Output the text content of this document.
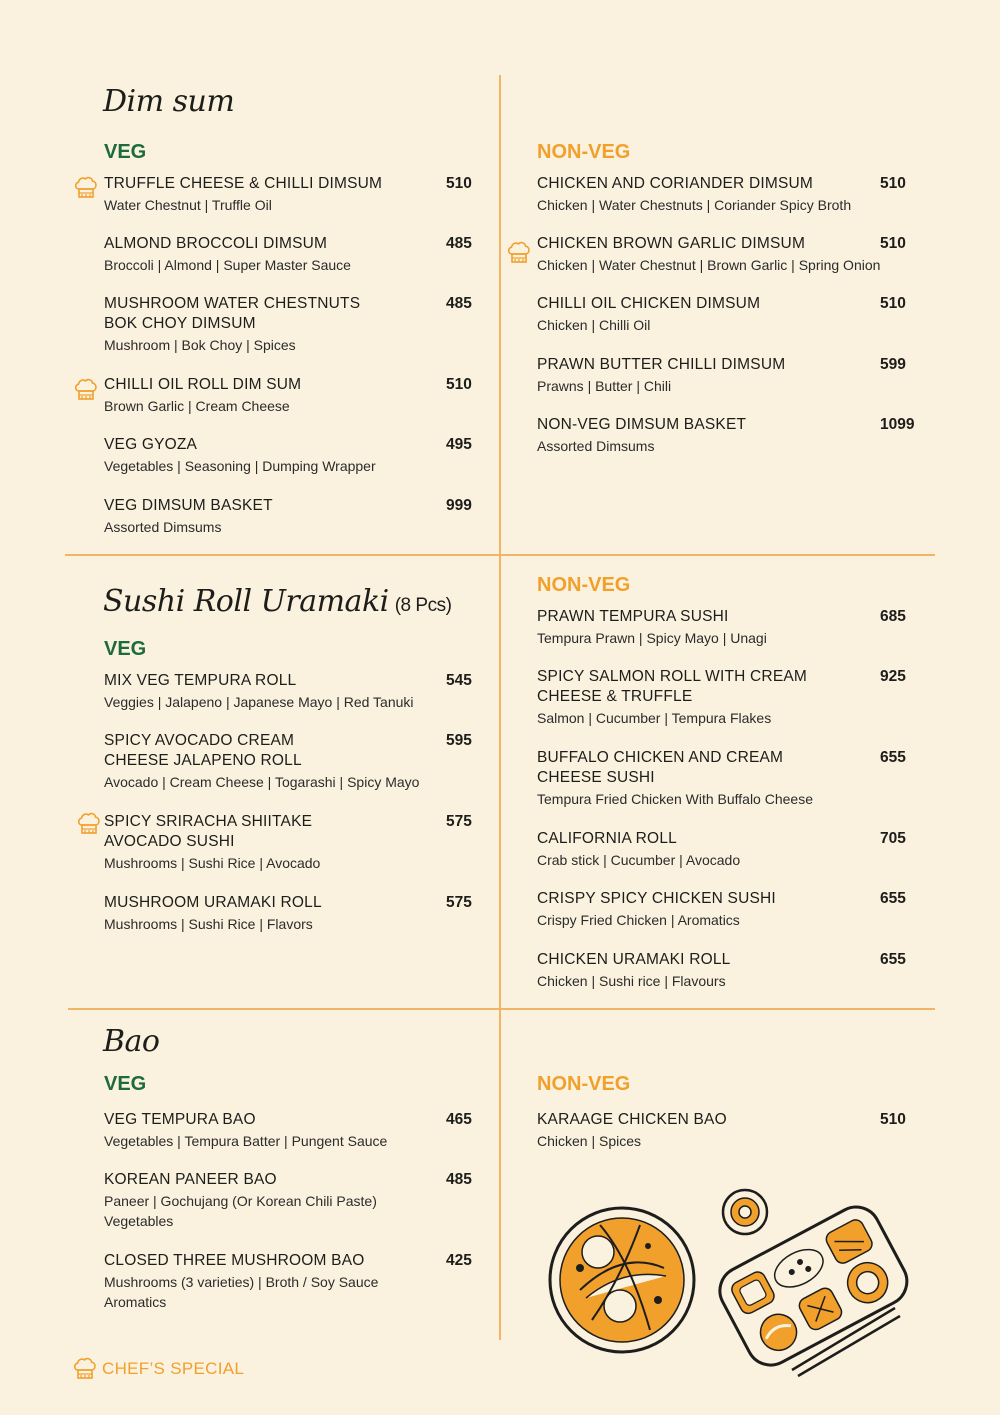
Dim sum
VEG	NON-VEG
TRUFFLE CHEESE & CHILLI DIMSUM	510
Water Chestnut | Truffle Oil
ALMOND BROCCOLI DIMSUM	485
Broccoli | Almond | Super Master Sauce
MUSHROOM WATER CHESTNUTS
BOK CHOY DIMSUM
485
Mushroom | Bok Choy | Spices
CHILLI OIL ROLL DIM SUM	510
Brown Garlic | Cream Cheese
VEG GYOZA	495
Vegetables | Seasoning | Dumping Wrapper
VEG DIMSUM BASKET	999
Assorted Dimsums
CHICKEN AND CORIANDER DIMSUM	510
Chicken | Water Chestnuts | Coriander Spicy Broth
CHICKEN BROWN GARLIC DIMSUM	510
Chicken | Water Chestnut | Brown Garlic | Spring Onion
CHILLI OIL CHICKEN DIMSUM	510
Chicken | Chilli Oil
PRAWN BUTTER CHILLI DIMSUM	599
Prawns | Butter | Chili
NON-VEG DIMSUM BASKET	1099
Assorted Dimsums
Sushi Roll Uramaki (8 Pcs)
VEG
NON-VEG
MIX VEG TEMPURA ROLL	545
Veggies | Jalapeno | Japanese Mayo | Red Tanuki
SPICY AVOCADO CREAM
CHEESE JALAPENO ROLL
595
Avocado | Cream Cheese | Togarashi | Spicy Mayo
SPICY SRIRACHA SHIITAKE
AVOCADO SUSHI
575
Mushrooms | Sushi Rice | Avocado
MUSHROOM URAMAKI ROLL	575
Mushrooms | Sushi Rice | Flavors
PRAWN TEMPURA SUSHI	685
Tempura Prawn | Spicy Mayo | Unagi
SPICY SALMON ROLL WITH CREAM
CHEESE & TRUFFLE
925
Salmon | Cucumber | Tempura Flakes
BUFFALO CHICKEN AND CREAM
CHEESE SUSHI
655
Tempura Fried Chicken With Buffalo Cheese
CALIFORNIA ROLL	705
Crab stick | Cucumber | Avocado
CRISPY SPICY CHICKEN SUSHI	655
Crispy Fried Chicken | Aromatics
CHICKEN URAMAKI ROLL	655
Chicken | Sushi rice | Flavours
Bao
VEG	NON-VEG
VEG TEMPURA BAO	465
Vegetables | Tempura Batter | Pungent Sauce
KOREAN PANEER BAO	485
Paneer | Gochujang (Or Korean Chili Paste)
Vegetables
CLOSED THREE MUSHROOM BAO	425
Mushrooms (3 varieties) | Broth / Soy Sauce
Aromatics
KARAAGE CHICKEN BAO	510
Chicken | Spices
CHEF’S SPECIAL
